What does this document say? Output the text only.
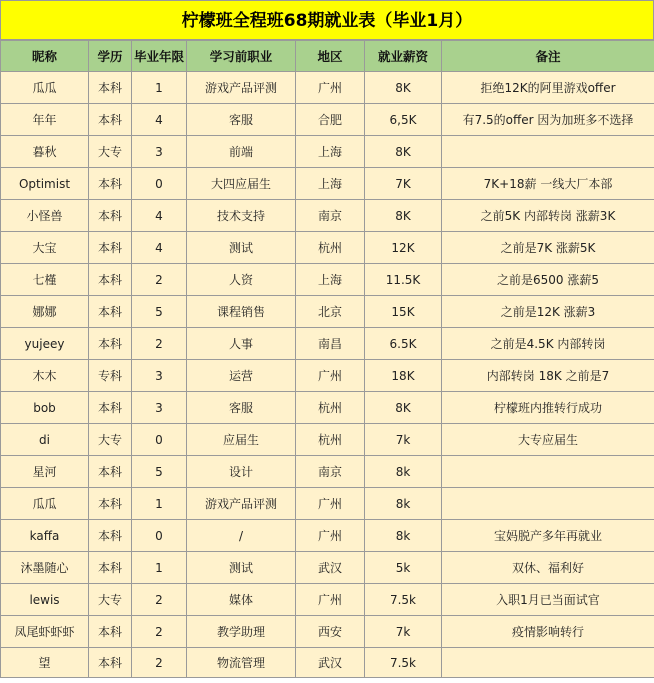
柠檬班全程班68期就业表（毕业1月）
昵称	学历	毕业年限	学习前职业	地区	就业薪资	备注
瓜瓜	本科	1	游戏产品评测	广州	8K	拒绝12K的阿里游戏offer
年年	本科	4	客服	合肥	6,5K	有7.5的offer 因为加班多不选择
暮秋	大专	3	前端	上海	8K	
Optimist	本科	0	大四应届生	上海	7K	7K+18薪 一线大厂本部
小怪兽	本科	4	技术支持	南京	8K	之前5K 内部转岗 涨薪3K
大宝	本科	4	测试	杭州	12K	之前是7K 涨薪5K
七槿	本科	2	人资	上海	11.5K	之前是6500 涨薪5
娜娜	本科	5	课程销售	北京	15K	之前是12K 涨薪3
yujeey	本科	2	人事	南昌	6.5K	之前是4.5K 内部转岗
木木	专科	3	运营	广州	18K	内部转岗 18K 之前是7
bob	本科	3	客服	杭州	8K	柠檬班内推转行成功
di	大专	0	应届生	杭州	7k	大专应届生
星河	本科	5	设计	南京	8k	
瓜瓜	本科	1	游戏产品评测	广州	8k	
kaffa	本科	0	/	广州	8k	宝妈脱产多年再就业
沐墨随心	本科	1	测试	武汉	5k	双休、福利好
lewis	大专	2	媒体	广州	7.5k	入职1月已当面试官
凤尾虾虾虾	本科	2	教学助理	西安	7k	疫情影响转行
望	本科	2	物流管理	武汉	7.5k	
